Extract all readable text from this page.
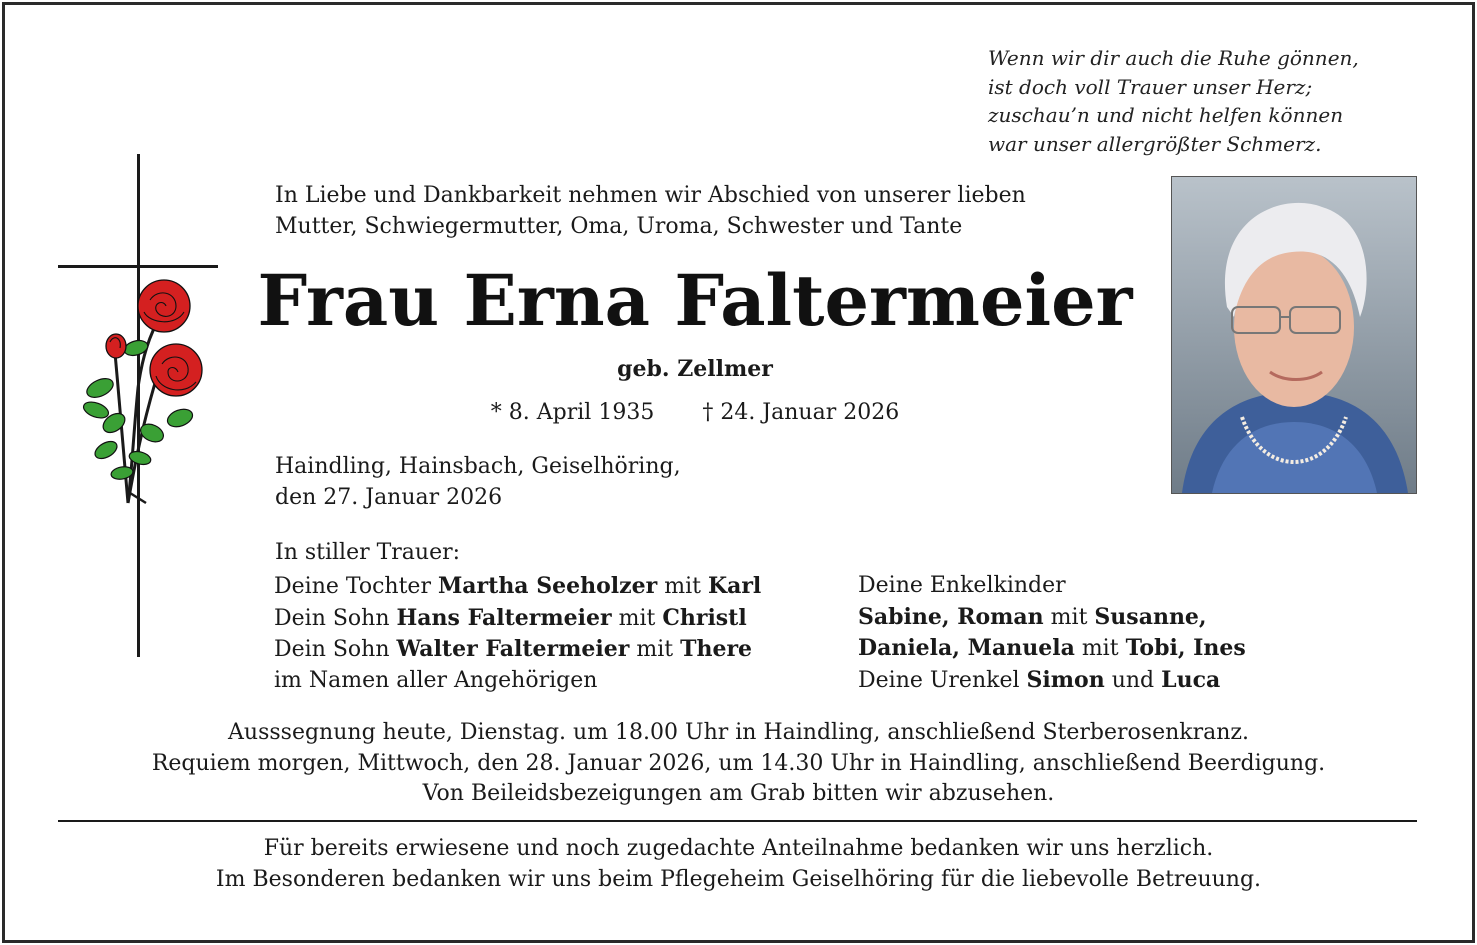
Wenn wir dir auch die Ruhe gönnen,
ist doch voll Trauer unser Herz;
zuschau’n und nicht helfen können
war unser allergrößter Schmerz.
In Liebe und Dankbarkeit nehmen wir Abschied von unserer lieben
Mutter, Schwiegermutter, Oma, Uroma, Schwester und Tante
Frau Erna Faltermeier
geb. Zellmer
* 8. April 1935 † 24. Januar 2026
Haindling, Hainsbach, Geiselhöring,
den 27. Januar 2026
In stiller Trauer:
Deine Tochter Martha Seeholzer mit Karl
Dein Sohn Hans Faltermeier mit Christl
Dein Sohn Walter Faltermeier mit There
im Namen aller Angehörigen
Deine Enkelkinder
Sabine, Roman mit Susanne,
Daniela, Manuela mit Tobi, Ines
Deine Urenkel Simon und Luca
Ausssegnung heute, Dienstag. um 18.00 Uhr in Haindling, anschließend Sterberosenkranz.
Requiem morgen, Mittwoch, den 28. Januar 2026, um 14.30 Uhr in Haindling, anschließend Beerdigung.
Von Beileidsbezeigungen am Grab bitten wir abzusehen.
Für bereits erwiesene und noch zugedachte Anteilnahme bedanken wir uns herzlich.
Im Besonderen bedanken wir uns beim Pflegeheim Geiselhöring für die liebevolle Betreuung.
